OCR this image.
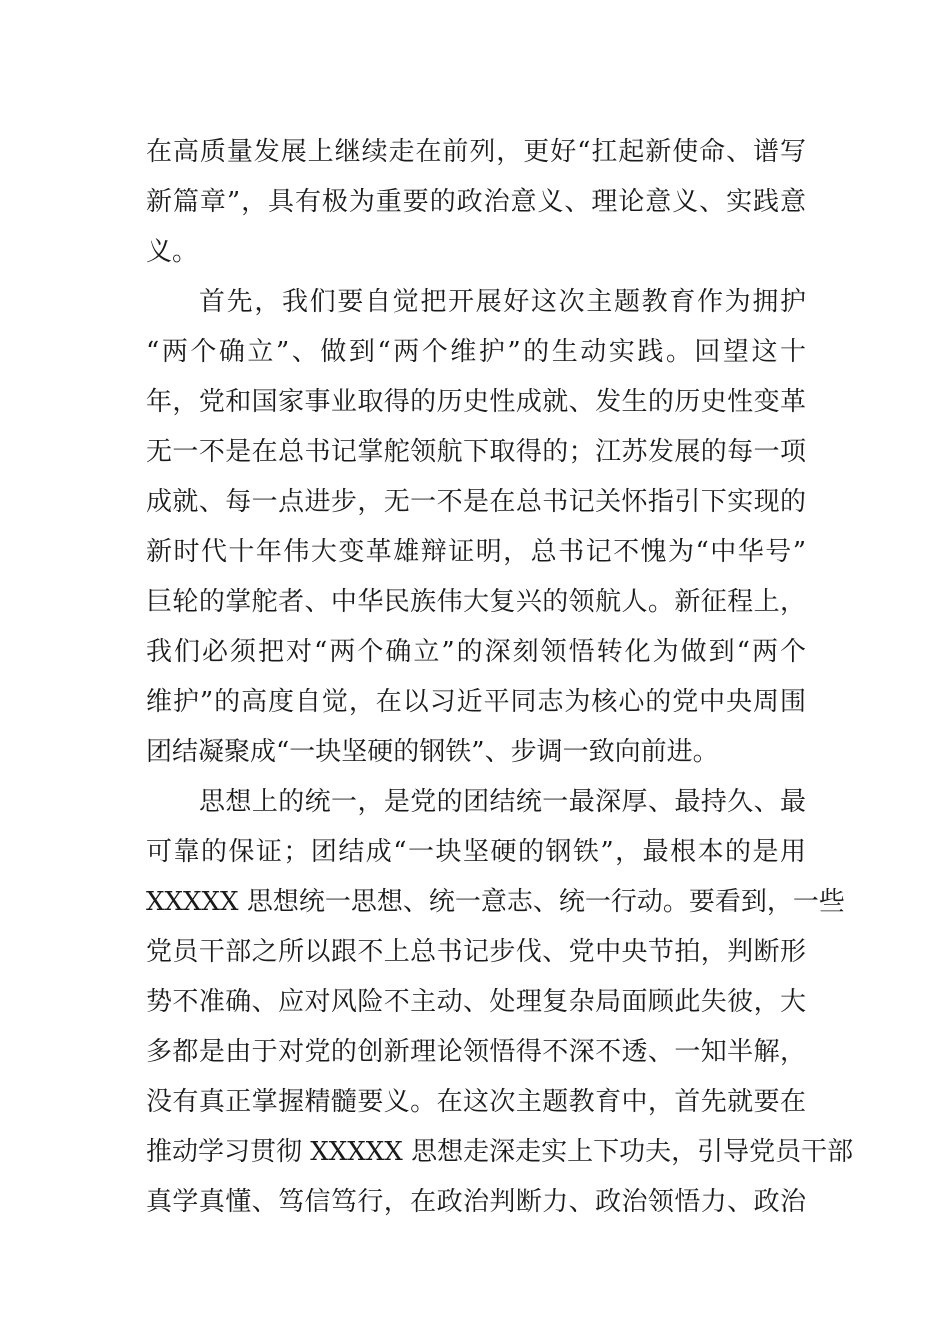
在高质量发展上继续走在前列，更好“扛起新使命、谱写
新篇章”，具有极为重要的政治意义、理论意义、实践意
义。
首先，我们要自觉把开展好这次主题教育作为拥护
“两个确立”、做到“两个维护”的生动实践。回望这十
年，党和国家事业取得的历史性成就、发生的历史性变革
无一不是在总书记掌舵领航下取得的；江苏发展的每一项
成就、每一点进步，无一不是在总书记关怀指引下实现的
新时代十年伟大变革雄辩证明，总书记不愧为“中华号”
巨轮的掌舵者、中华民族伟大复兴的领航人。新征程上，
我们必须把对“两个确立”的深刻领悟转化为做到“两个
维护”的高度自觉，在以习近平同志为核心的党中央周围
团结凝聚成“一块坚硬的钢铁”、步调一致向前进。
思想上的统一，是党的团结统一最深厚、最持久、最
可靠的保证；团结成“一块坚硬的钢铁”，最根本的是用
XXXXX 思想统一思想、统一意志、统一行动。要看到，一些
党员干部之所以跟不上总书记步伐、党中央节拍，判断形
势不准确、应对风险不主动、处理复杂局面顾此失彼，大
多都是由于对党的创新理论领悟得不深不透、一知半解，
没有真正掌握精髓要义。在这次主题教育中，首先就要在
推动学习贯彻 XXXXX 思想走深走实上下功夫，引导党员干部
真学真懂、笃信笃行，在政治判断力、政治领悟力、政治
